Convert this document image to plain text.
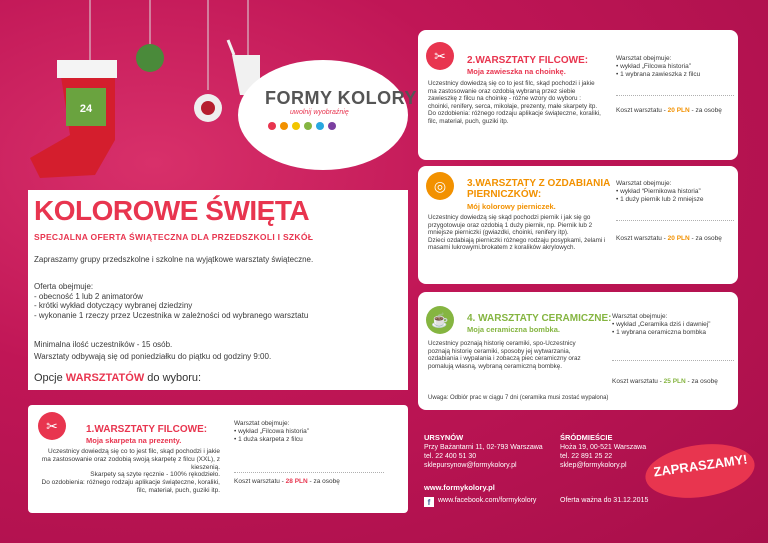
24
FORMY KOLORY
uwolnij wyobraźnię
KOLOROWE ŚWIĘTA
SPECJALNA OFERTA ŚWIĄTECZNA DLA PRZEDSZKOLI I SZKÓŁ
Zapraszamy grupy przedszkolne i szkolne na wyjątkowe warsztaty świąteczne.
Oferta obejmuje:
- obecność 1 lub 2 animatorów
- krótki wykład dotyczący wybranej dziedziny
- wykonanie 1 rzeczy przez Uczestnika w zależności od wybranego warsztatu
Minimalna ilość uczestników - 15 osób.
Warsztaty odbywają się od poniedziałku do piątku od godziny 9:00.
Opcje WARSZTATÓW do wyboru:
✂	1.WARSZTATY FILCOWE:
Moja skarpeta na prezenty.
Uczestnicy dowiedzą się co to jest filc, skąd pochodzi i jakie ma zastosowanie oraz zodobią swoją skarpetę z filcu (XXL), z kieszenią.
Skarpety są szyte ręcznie - 100% rękodzieło.
Do ozdobienia: różnego rodzaju aplikacje świąteczne, koraliki, filc, materiał, puch, guziki itp.
Warsztat obejmuje:
• wykład „Filcowa historia”
• 1 duża skarpeta z filcu
Koszt warsztatu - 28 PLN - za osobę
✂	2.WARSZTATY FILCOWE:
Moja zawieszka na choinkę.
Uczestnicy dowiedzą się co to jest filc, skąd pochodzi i jakie ma zastosowanie oraz ozdobią wybraną przez siebie zawieszkę z filcu na choinkę - różne wzory do wyboru : choinki, renifery, serca, mikołaje, prezenty, małe skarpety itp.
Do ozdobienia: różnego rodzaju aplikacje świąteczne, koraliki, filc, materiał, puch, guziki itp.
Warsztat obejmuje:
• wykład „Filcowa historia”
• 1 wybrana zawieszka z filcu
Koszt warsztatu - 20 PLN - za osobę
◎	3.WARSZTATY Z OZDABIANIA PIERNICZKÓW:
Mój kolorowy pierniczek.
Uczestnicy dowiedzą się skąd pochodzi piernik i jak się go przygotowuje oraz ozdobią 1 duży piernik, np. Piernik lub 2 mniejsze pierniczki (gwiazdki, choinki, renifery itp).
Dzieci ozdabiają pierniczki różnego rodzaju posypkami, żelami i masami lukrowymi.brokatem z koralików akrylowych.
Warsztat obejmuje:
• wykład “Piernikowa historia”
• 1 duży piernik lub 2 mniejsze
Koszt warsztatu - 20 PLN - za osobę
☕	4. WARSZTATY CERAMICZNE:
Moja ceramiczna bombka.
Uczestnicy poznają historię ceramiki, spo-Uczestnicy poznają historię ceramiki, sposoby jej wytwarzania, ozdabiania i wypalania i zobaczą piec ceramiczny oraz pomalują własną, wybraną ceramiczną bombkę.
Warsztat obejmuje:
• wykład „Ceramika dziś i dawniej”
• 1 wybrana ceramiczna bombka
Koszt warsztatu - 25 PLN - za osobę
Uwaga: Odbiór prac w ciągu 7 dni (ceramika musi zostać wypalona)
URSYNÓW
Przy Bażantarni 11, 02-793 Warszawa
tel. 22 400 51 30
sklepursynow@formykolory.pl
ŚRÓDMIEŚCIE
Hoża 19, 00-521 Warszawa
tel. 22 891 25 22
sklep@formykolory.pl
www.formykolory.pl
f	www.facebook.com/formykolory	Oferta ważna do 31.12.2015
ZAPRASZAMY!
